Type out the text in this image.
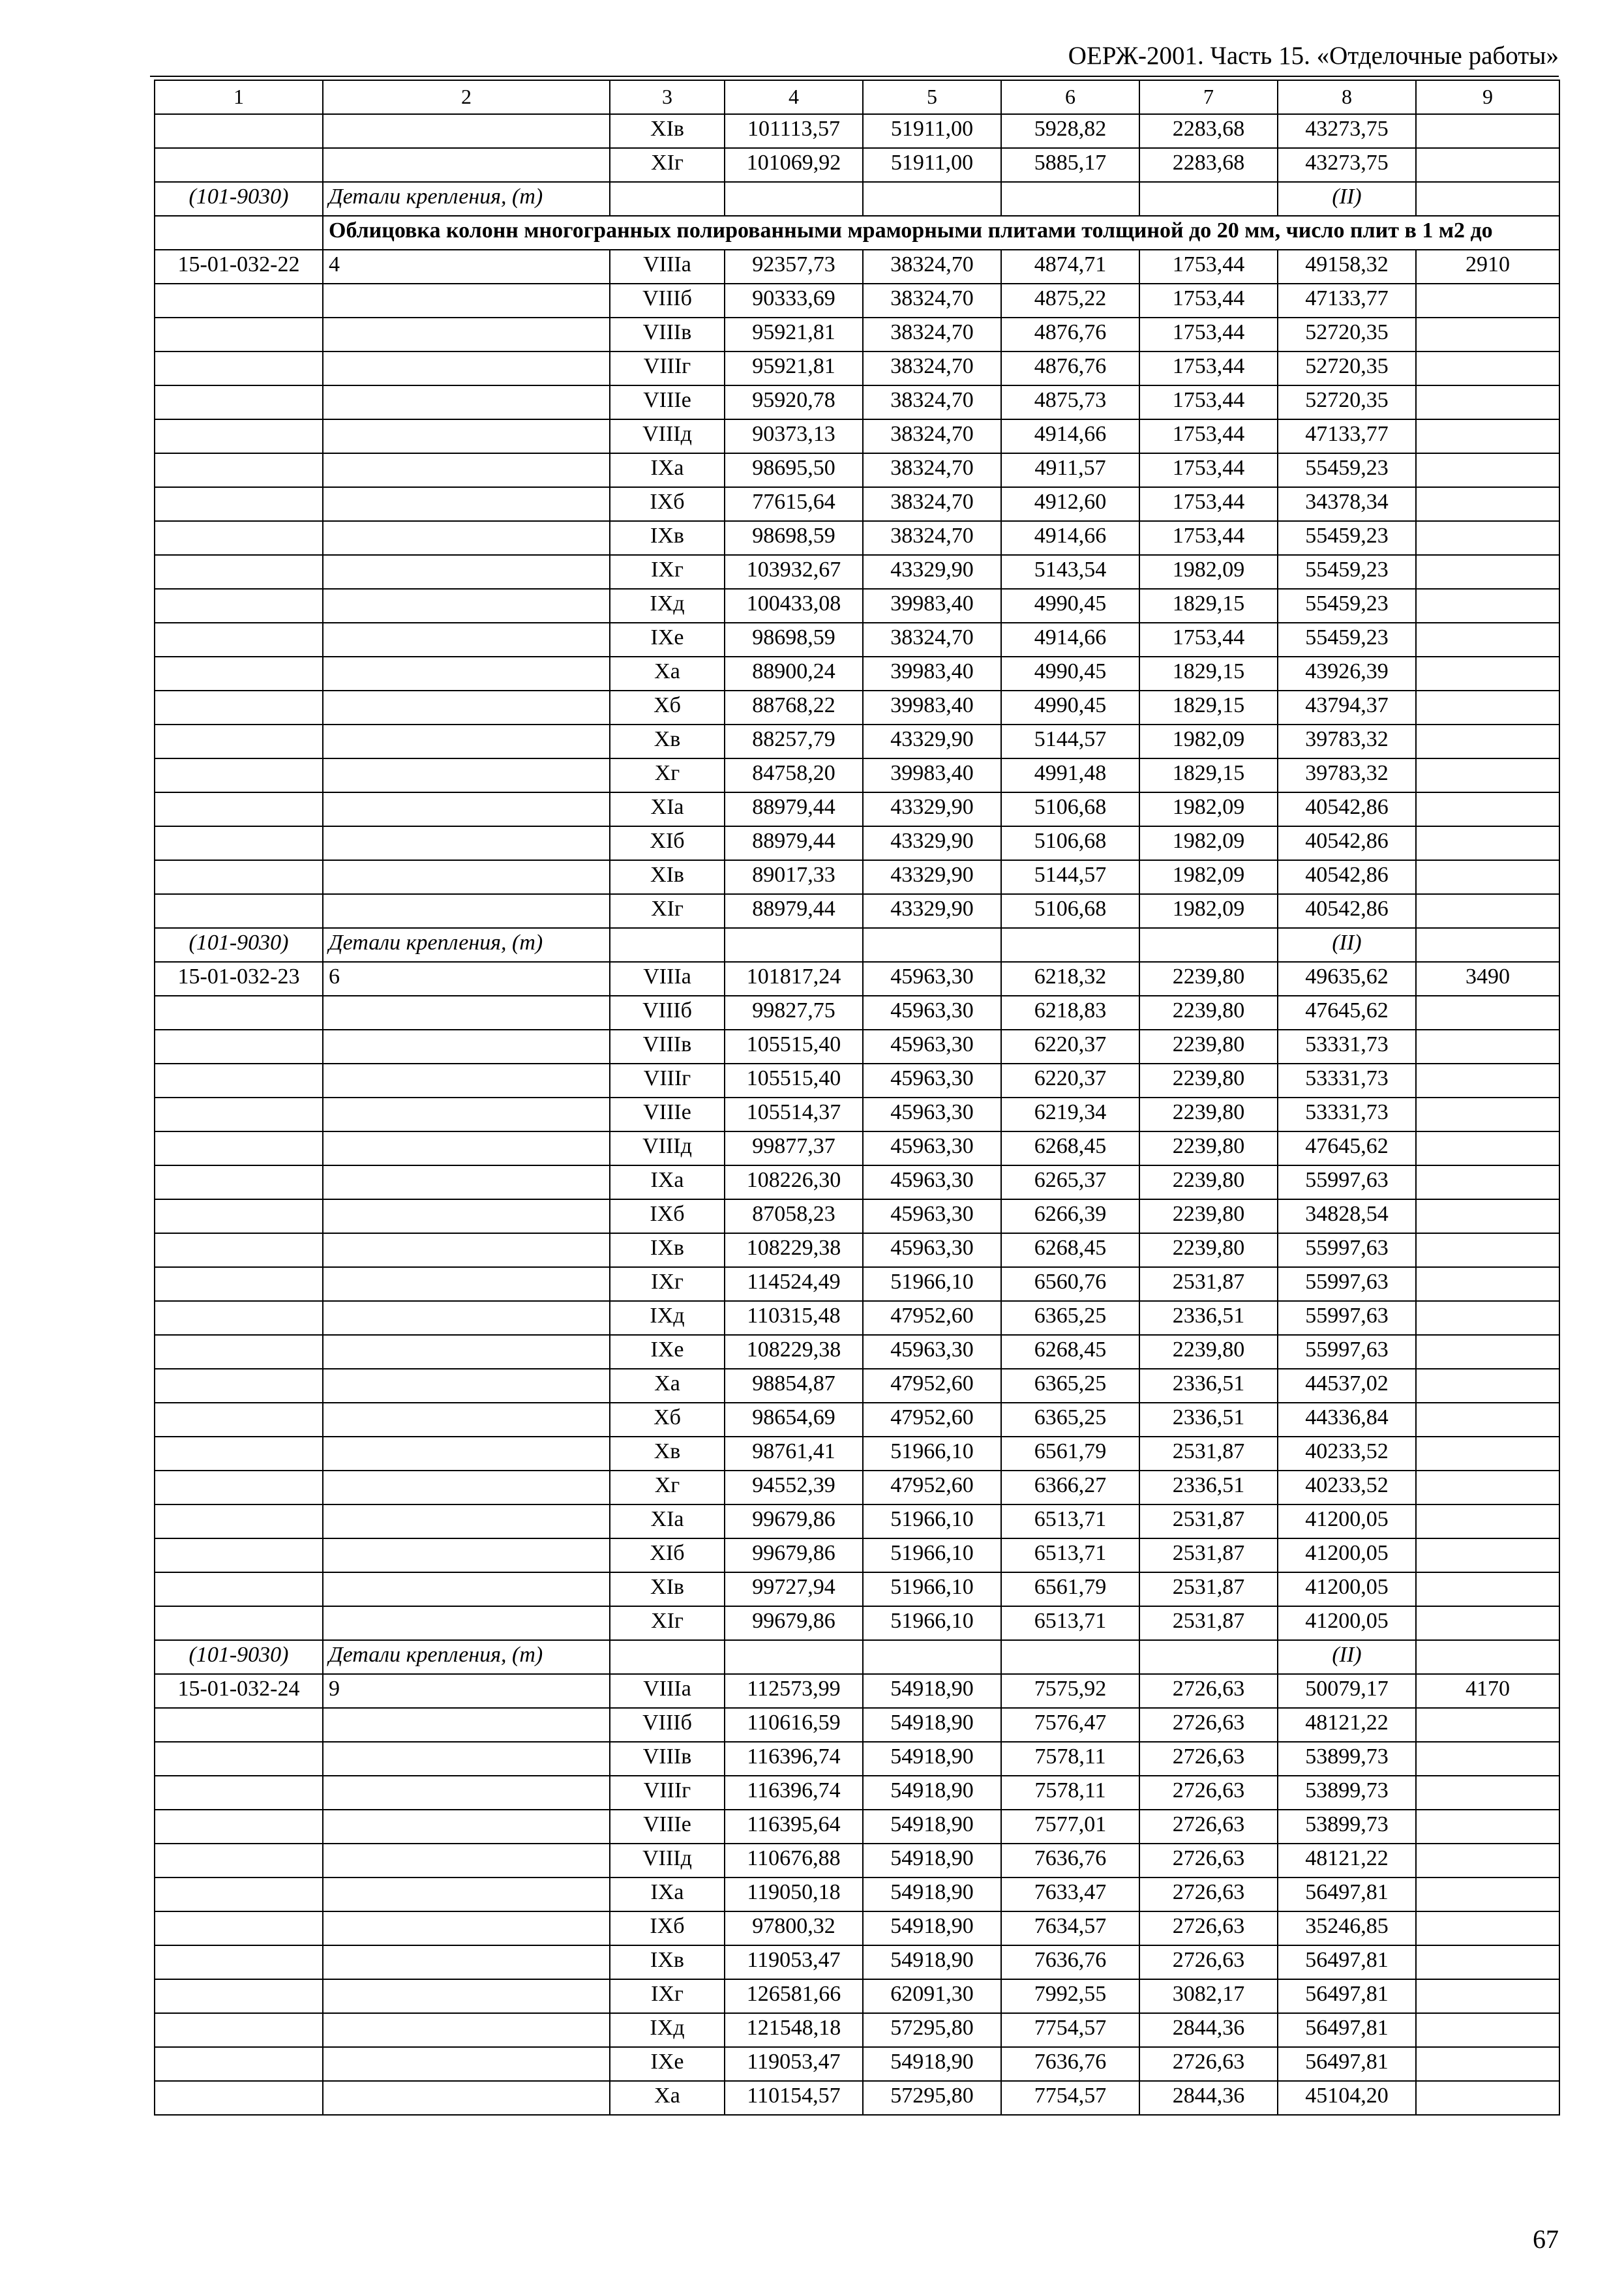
ОЕРЖ-2001. Часть 15. «Отделочные работы»
1	2	3	4	5	6	7	8	9
		XIв	101113,57	51911,00	5928,82	2283,68	43273,75	
		XIг	101069,92	51911,00	5885,17	2283,68	43273,75	
(101-9030)	Детали крепления, (т)						(II)	
	Облицовка колонн многогранных полированными мраморными плитами толщиной до 20 мм, число плит в 1 м2 до							
15-01-032-22	4	VIIIа	92357,73	38324,70	4874,71	1753,44	49158,32	2910
		VIIIб	90333,69	38324,70	4875,22	1753,44	47133,77	
		VIIIв	95921,81	38324,70	4876,76	1753,44	52720,35	
		VIIIг	95921,81	38324,70	4876,76	1753,44	52720,35	
		VIIIе	95920,78	38324,70	4875,73	1753,44	52720,35	
		VIIIд	90373,13	38324,70	4914,66	1753,44	47133,77	
		IXа	98695,50	38324,70	4911,57	1753,44	55459,23	
		IXб	77615,64	38324,70	4912,60	1753,44	34378,34	
		IXв	98698,59	38324,70	4914,66	1753,44	55459,23	
		IXг	103932,67	43329,90	5143,54	1982,09	55459,23	
		IXд	100433,08	39983,40	4990,45	1829,15	55459,23	
		IXе	98698,59	38324,70	4914,66	1753,44	55459,23	
		Xа	88900,24	39983,40	4990,45	1829,15	43926,39	
		Xб	88768,22	39983,40	4990,45	1829,15	43794,37	
		Xв	88257,79	43329,90	5144,57	1982,09	39783,32	
		Xг	84758,20	39983,40	4991,48	1829,15	39783,32	
		XIа	88979,44	43329,90	5106,68	1982,09	40542,86	
		XIб	88979,44	43329,90	5106,68	1982,09	40542,86	
		XIв	89017,33	43329,90	5144,57	1982,09	40542,86	
		XIг	88979,44	43329,90	5106,68	1982,09	40542,86	
(101-9030)	Детали крепления, (т)						(II)	
15-01-032-23	6	VIIIа	101817,24	45963,30	6218,32	2239,80	49635,62	3490
		VIIIб	99827,75	45963,30	6218,83	2239,80	47645,62	
		VIIIв	105515,40	45963,30	6220,37	2239,80	53331,73	
		VIIIг	105515,40	45963,30	6220,37	2239,80	53331,73	
		VIIIе	105514,37	45963,30	6219,34	2239,80	53331,73	
		VIIIд	99877,37	45963,30	6268,45	2239,80	47645,62	
		IXа	108226,30	45963,30	6265,37	2239,80	55997,63	
		IXб	87058,23	45963,30	6266,39	2239,80	34828,54	
		IXв	108229,38	45963,30	6268,45	2239,80	55997,63	
		IXг	114524,49	51966,10	6560,76	2531,87	55997,63	
		IXд	110315,48	47952,60	6365,25	2336,51	55997,63	
		IXе	108229,38	45963,30	6268,45	2239,80	55997,63	
		Xа	98854,87	47952,60	6365,25	2336,51	44537,02	
		Xб	98654,69	47952,60	6365,25	2336,51	44336,84	
		Xв	98761,41	51966,10	6561,79	2531,87	40233,52	
		Xг	94552,39	47952,60	6366,27	2336,51	40233,52	
		XIа	99679,86	51966,10	6513,71	2531,87	41200,05	
		XIб	99679,86	51966,10	6513,71	2531,87	41200,05	
		XIв	99727,94	51966,10	6561,79	2531,87	41200,05	
		XIг	99679,86	51966,10	6513,71	2531,87	41200,05	
(101-9030)	Детали крепления, (т)						(II)	
15-01-032-24	9	VIIIа	112573,99	54918,90	7575,92	2726,63	50079,17	4170
		VIIIб	110616,59	54918,90	7576,47	2726,63	48121,22	
		VIIIв	116396,74	54918,90	7578,11	2726,63	53899,73	
		VIIIг	116396,74	54918,90	7578,11	2726,63	53899,73	
		VIIIе	116395,64	54918,90	7577,01	2726,63	53899,73	
		VIIIд	110676,88	54918,90	7636,76	2726,63	48121,22	
		IXа	119050,18	54918,90	7633,47	2726,63	56497,81	
		IXб	97800,32	54918,90	7634,57	2726,63	35246,85	
		IXв	119053,47	54918,90	7636,76	2726,63	56497,81	
		IXг	126581,66	62091,30	7992,55	3082,17	56497,81	
		IXд	121548,18	57295,80	7754,57	2844,36	56497,81	
		IXе	119053,47	54918,90	7636,76	2726,63	56497,81	
		Xа	110154,57	57295,80	7754,57	2844,36	45104,20	
67
